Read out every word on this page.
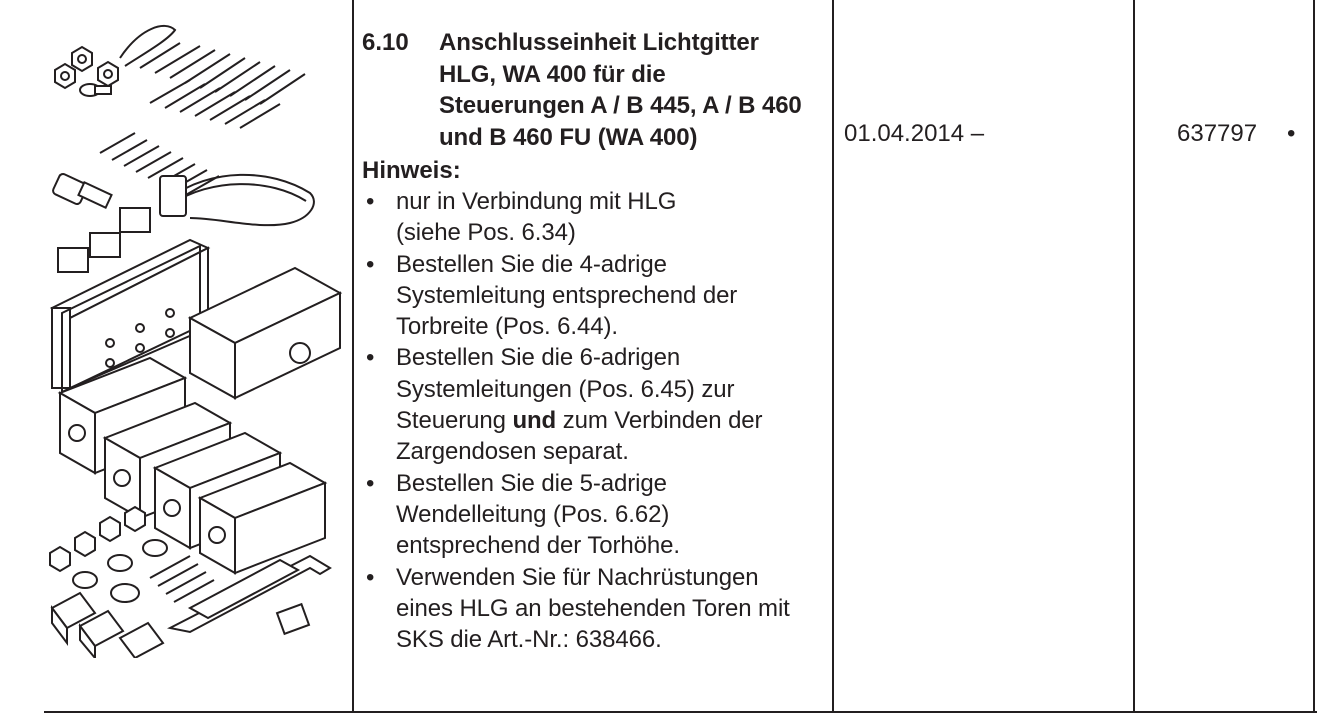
6.10 Anschlusseinheit Lichtgitter
HLG, WA 400 für die
Steuerungen A / B 445, A / B 460
und B 460 FU (WA 400)
Hinweis:
• nur in Verbindung mit HLG
(siehe Pos. 6.34)
• Bestellen Sie die 4-adrige
Systemleitung entsprechend der
Torbreite (Pos. 6.44).
• Bestellen Sie die 6-adrigen
Systemleitungen (Pos. 6.45) zur
Steuerung und zum Verbinden der
Zargendosen separat.
• Bestellen Sie die 5-adrige
Wendelleitung (Pos. 6.62)
entsprechend der Torhöhe.
• Verwenden Sie für Nachrüstungen
eines HLG an bestehenden Toren mit
SKS die Art.-Nr.: 638466.
01.04.2014 –	637797 •
